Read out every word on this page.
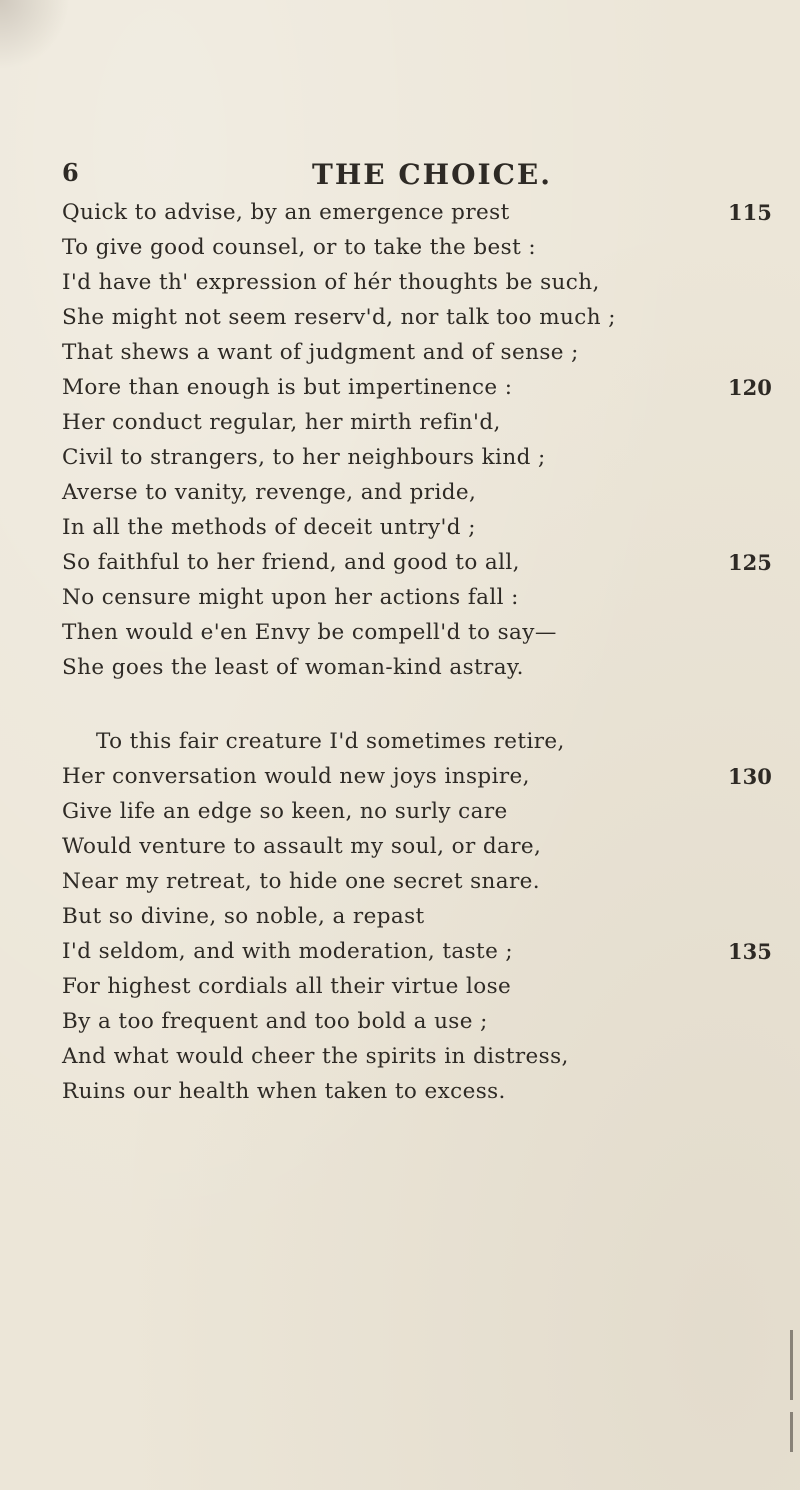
6	THE CHOICE.
Quick to advise, by an emergence prest	115
To give good counsel, or to take the best :
I'd have th' expression of hér thoughts be such,
She might not seem reserv'd, nor talk too much ;
That shews a want of judgment and of sense ;
More than enough is but impertinence :	120
Her conduct regular, her mirth refin'd,
Civil to strangers, to her neighbours kind ;
Averse to vanity, revenge, and pride,
In all the methods of deceit untry'd ;
So faithful to her friend, and good to all,	125
No censure might upon her actions fall :
Then would e'en Envy be compell'd to say—
She goes the least of woman-kind astray.
To this fair creature I'd sometimes retire,
Her conversation would new joys inspire,	130
Give life an edge so keen, no surly care
Would venture to assault my soul, or dare,
Near my retreat, to hide one secret snare.
But so divine, so noble, a repast
I'd seldom, and with moderation, taste ;	135
For highest cordials all their virtue lose
By a too frequent and too bold a use ;
And what would cheer the spirits in distress,
Ruins our health when taken to excess.
